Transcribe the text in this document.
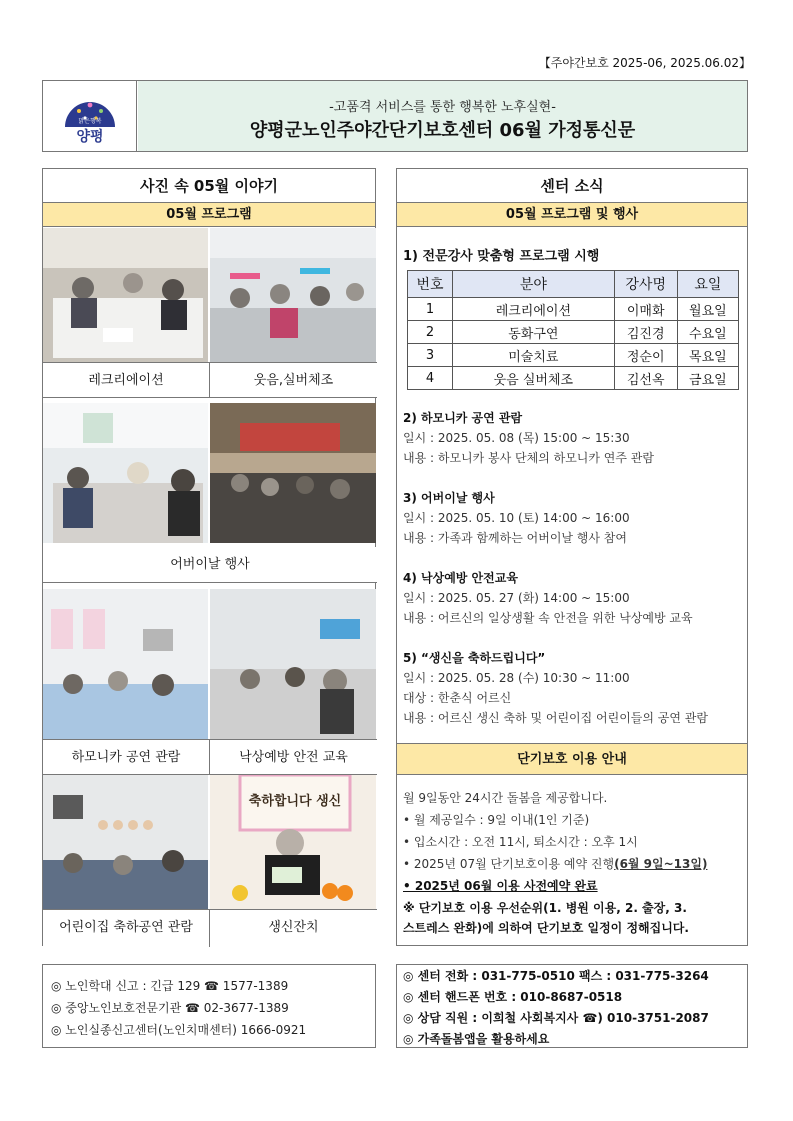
【주야간보호 2025-06, 2025.06.02】
맑은행복
양평
-고품격 서비스를 통한 행복한 노후실현-
양평군노인주야간단기보호센터 06월 가정통신문
사진 속 05월 이야기
05월 프로그램
레크리에이션	웃음,실버체조
어버이날 행사
하모니카 공연 관람	낙상예방 안전 교육
축하합니다 생신
어린이집 축하공연 관람	생신잔치
센터 소식
05월 프로그램 및 행사
1) 전문강사 맞춤형 프로그램 시행
번호	분야	강사명	요일
1	레크리에이션	이매화	월요일
2	동화구연	김진경	수요일
3	미술치료	정순이	목요일
4	웃음 실버체조	김선옥	금요일
2) 하모니카 공연 관람
일시 : 2025. 05. 08 (목) 15:00 ~ 15:30
내용 : 하모니카 봉사 단체의 하모니카 연주 관람
3) 어버이날 행사
일시 : 2025. 05. 10 (토) 14:00 ~ 16:00
내용 : 가족과 함께하는 어버이날 행사 참여
4) 낙상예방 안전교육
일시 : 2025. 05. 27 (화) 14:00 ~ 15:00
내용 : 어르신의 일상생활 속 안전을 위한 낙상예방 교육
5) “생신을 축하드립니다”
일시 : 2025. 05. 28 (수) 10:30 ~ 11:00
대상 : 한춘식 어르신
내용 : 어르신 생신 축하 및 어린이집 어린이들의 공연 관람
단기보호 이용 안내
월 9일동안 24시간 돌봄을 제공합니다.
• 월 제공일수 : 9일 이내(1인 기준)
• 입소시간 : 오전 11시, 퇴소시간 : 오후 1시
• 2025년 07월 단기보호이용 예약 진행(6월 9일~13일)
• 2025년 06월 이용 사전예약 완료
※ 단기보호 이용 우선순위(1. 병원 이용, 2. 출장, 3.
스트레스 완화)에 의하여 단기보호 일정이 정해집니다.
◎ 노인학대 신고 : 긴급 129 ☎ 1577-1389
◎ 중앙노인보호전문기관 ☎ 02-3677-1389
◎ 노인실종신고센터(노인치매센터) 1666-0921
◎ 센터 전화 : 031-775-0510 팩스 : 031-775-3264
◎ 센터 핸드폰 번호 : 010-8687-0518
◎ 상담 직원 : 이희철 사회복지사 ☎) 010-3751-2087
◎ 가족돌봄앱을 활용하세요
